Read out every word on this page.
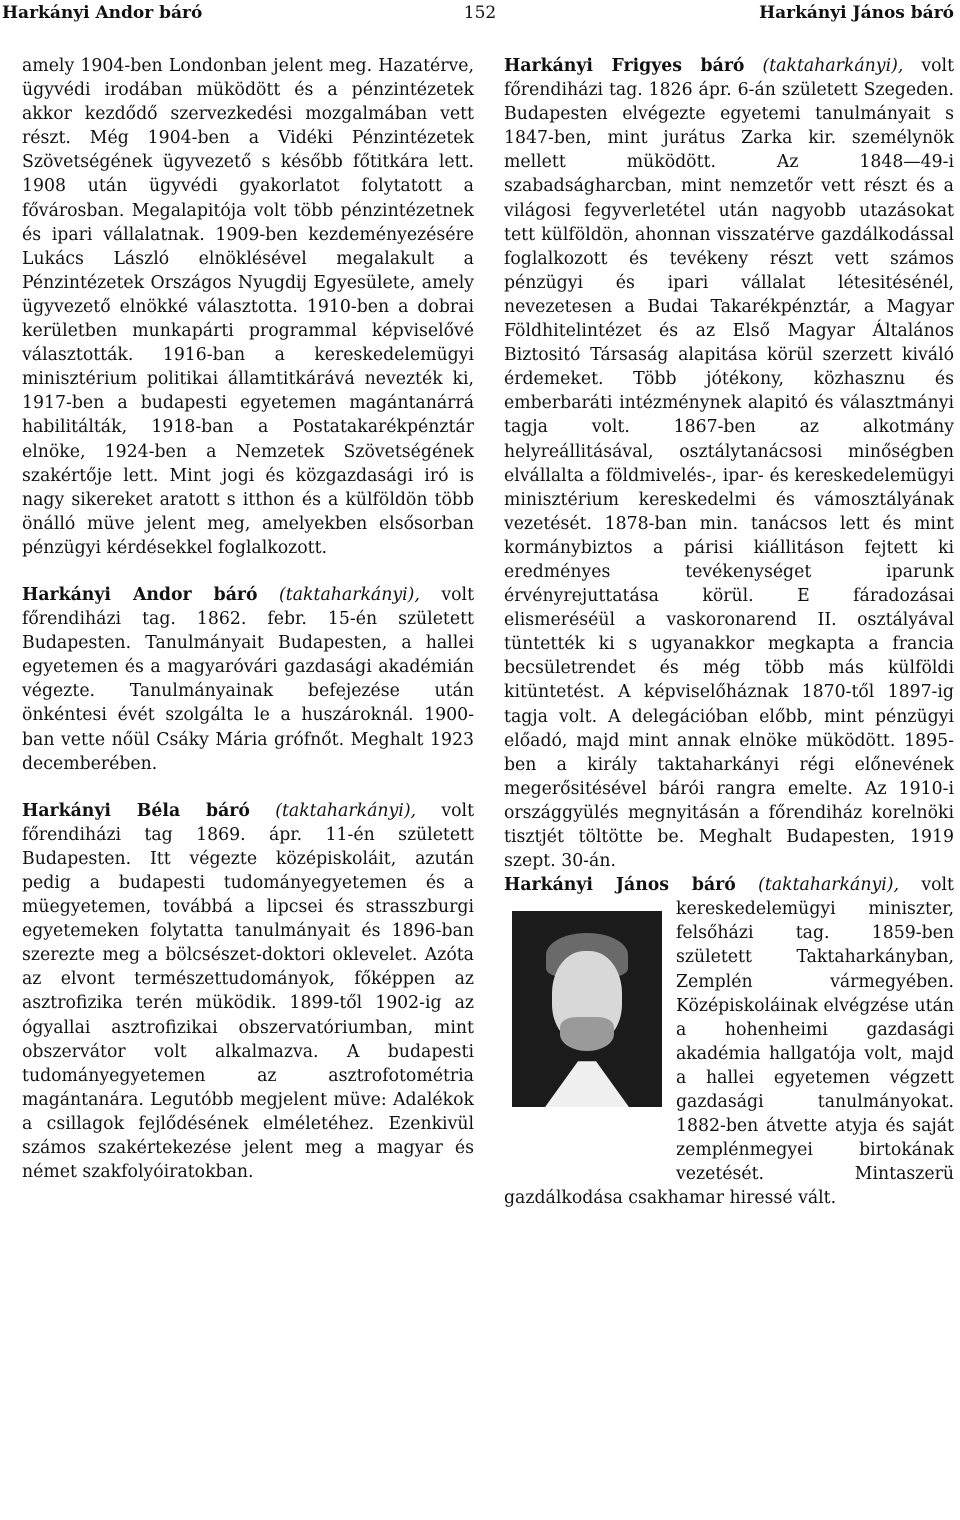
Harkányi Andor báró	152	Harkányi János báró

amely 1904-ben Londonban jelent meg. Hazatérve, ügyvédi irodában müködött és a pénzintézetek akkor kezdődő szervezkedési mozgalmában vett részt. Még 1904-ben a Vidéki Pénzintézetek Szövetségének ügyvezető s később főtitkára lett. 1908 után ügyvédi gyakorlatot folytatott a fővárosban. Megalapitója volt több pénzintézetnek és ipari vállalatnak. 1909-ben kezdeményezésére Lukács László elnöklésével megalakult a Pénzintézetek Országos Nyugdij Egyesülete, amely ügyvezető elnökké választotta. 1910-ben a dobrai kerületben munkapárti programmal képviselővé választották. 1916-ban a kereskedelemügyi minisztérium politikai államtitkárává nevezték ki, 1917-ben a budapesti egyetemen magántanárrá habilitálták, 1918-ban a Postatakarékpénztár elnöke, 1924-ben a Nemzetek Szövetségének szakértője lett. Mint jogi és közgazdasági iró is nagy sikereket aratott s itthon és a külföldön több önálló müve jelent meg, amelyekben elsősorban pénzügyi kérdésekkel foglalkozott.

Harkányi Andor báró (taktaharkányi), volt főrendiházi tag. 1862. febr. 15-én született Budapesten. Tanulmányait Budapesten, a hallei egyetemen és a magyaróvári gazdasági akadémián végezte. Tanulmányainak befejezése után önkéntesi évét szolgálta le a huszároknál. 1900-ban vette nőül Csáky Mária grófnőt. Meghalt 1923 decemberében.

Harkányi Béla báró (taktaharkányi), volt főrendiházi tag 1869. ápr. 11-én született Budapesten. Itt végezte középiskoláit, azután pedig a budapesti tudományegyetemen és a müegyetemen, továbbá a lipcsei és strasszburgi egyetemeken folytatta tanulmányait és 1896-ban szerezte meg a bölcsészet-doktori oklevelet. Azóta az elvont természettudományok, főképpen az asztrofizika terén müködik. 1899-től 1902-ig az ógyallai asztrofizikai obszervatóriumban, mint obszervátor volt alkalmazva. A budapesti tudományegyetemen az asztrofotométria magántanára. Legutóbb megjelent müve: Adalékok a csillagok fejlődésének elméletéhez. Ezenkivül számos szakértekezése jelent meg a magyar és német szakfolyóiratokban.

Harkányi Frigyes báró (taktaharkányi), volt főrendiházi tag. 1826 ápr. 6-án született Szegeden. Budapesten elvégezte egyetemi tanulmányait s 1847-ben, mint jurátus Zarka kir. személynök mellett müködött. Az 1848—49-i szabadságharcban, mint nemzetőr vett részt és a világosi fegyverletétel után nagyobb utazásokat tett külföldön, ahonnan visszatérve gazdálkodással foglalkozott és tevékeny részt vett számos pénzügyi és ipari vállalat létesitésénél, nevezetesen a Budai Takarékpénztár, a Magyar Földhitelintézet és az Első Magyar Általános Biztositó Társaság alapitása körül szerzett kiváló érdemeket. Több jótékony, közhasznu és emberbaráti intézménynek alapitó és választmányi tagja volt. 1867-ben az alkotmány helyreállitásával, osztálytanácsosi minőségben elvállalta a földmivelés-, ipar- és kereskedelemügyi minisztérium kereskedelmi és vámosztályának vezetését. 1878-ban min. tanácsos lett és mint kormánybiztos a párisi kiállitáson fejtett ki eredményes tevékenységet iparunk érvényrejuttatása körül. E fáradozásai elismeréséül a vaskoronarend II. osztályával tüntették ki s ugyanakkor megkapta a francia becsületrendet és még több más külföldi kitüntetést. A képviselőháznak 1870-től 1897-ig tagja volt. A delegációban előbb, mint pénzügyi előadó, majd mint annak elnöke müködött. 1895-ben a király taktaharkányi régi előnevének megerősitésével bárói rangra emelte. Az 1910-i országgyülés megnyitásán a főrendiház korelnöki tisztjét töltötte be. Meghalt Budapesten, 1919 szept. 30-án.

Harkányi János báró (taktaharkányi), volt kereskedelemügyi miniszter, felsőházi tag. 1859-ben született Taktaharkányban, Zemplén vármegyében. Középiskoláinak elvégzése után a hohenheimi gazdasági akadémia hallgatója volt, majd a hallei egyetemen végzett gazdasági tanulmányokat. 1882-ben átvette atyja és saját zemplénmegyei birtokának vezetését. Mintaszerü gazdálkodása csakhamar hiressé vált.
